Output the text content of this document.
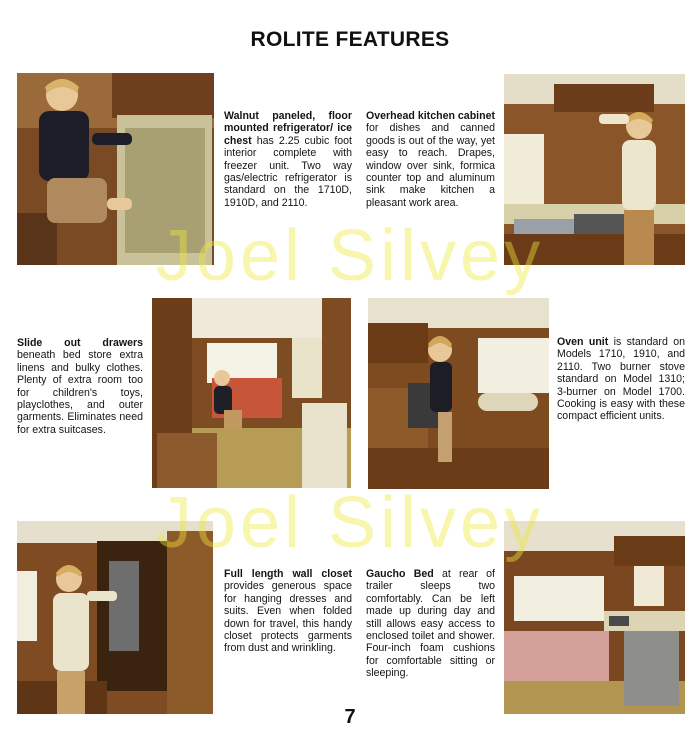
ROLITE FEATURES
Walnut paneled, floor mounted refrigerator/ ice chest has 2.25 cubic foot interior complete with freezer unit. Two way gas/electric refrigerator is standard on the 1710D, 1910D, and 2110.
Overhead kitchen cabinet for dishes and canned goods is out of the way, yet easy to reach. Drapes, window over sink, formica counter top and aluminum sink make kitchen a pleasant work area.
Slide out drawers beneath bed store extra linens and bulky clothes. Plenty of extra room too for children's toys, playclothes, and outer garments. Eliminates need for extra suitcases.
Oven unit is standard on Models 1710, 1910, and 2110. Two burner stove standard on Model 1310; 3-burner on Model 1700. Cooking is easy with these compact efficient units.
Full length wall closet provides generous space for hanging dresses and suits. Even when folded down for travel, this handy closet protects garments from dust and wrinkling.
Gaucho Bed at rear of trailer sleeps two comfortably. Can be left made up during day and still allows easy access to enclosed toilet and shower. Four-inch foam cushions for comfortable sitting or sleeping.
Joel Silvey
Joel Silvey
7
